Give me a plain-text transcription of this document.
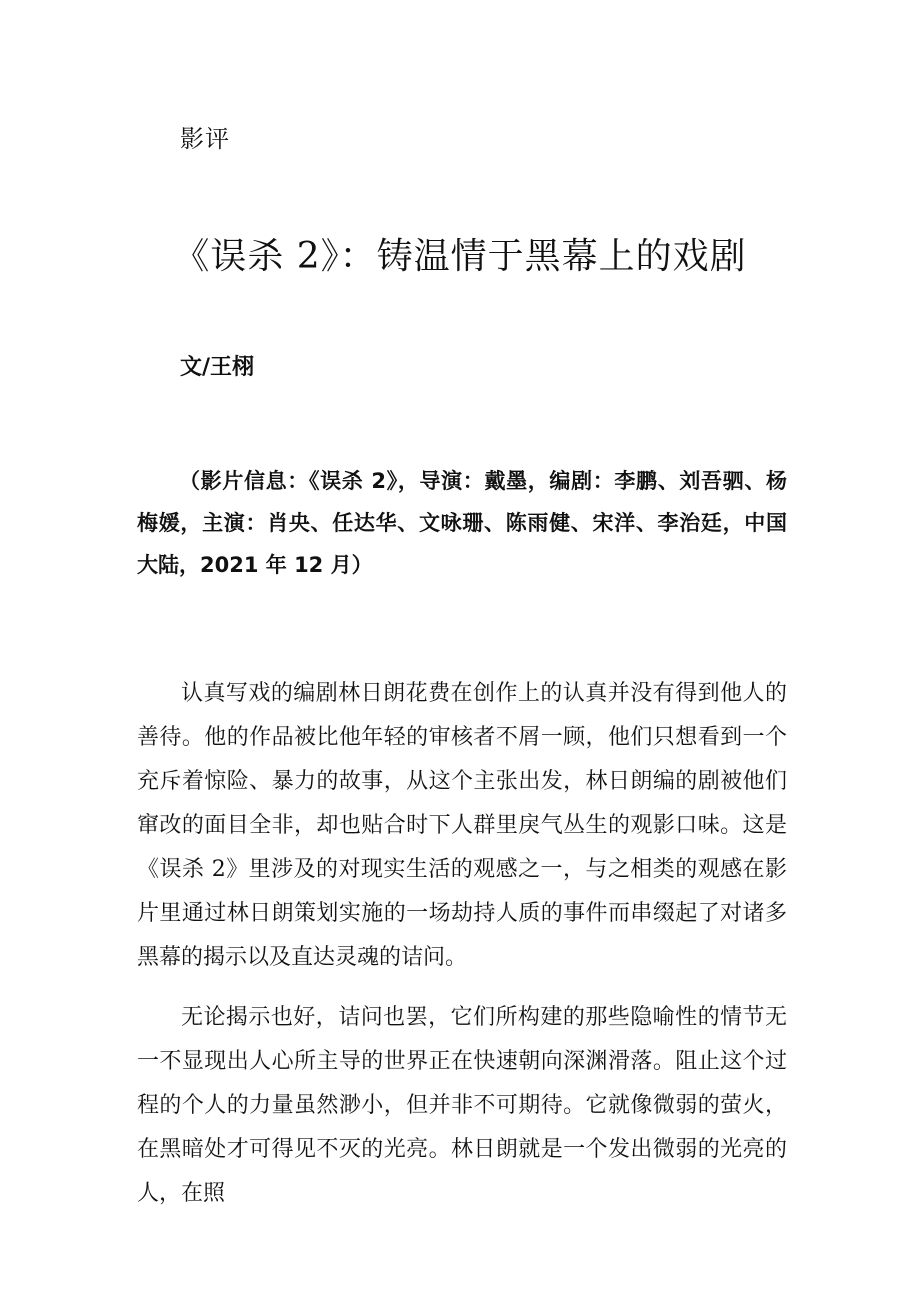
影评
《误杀 2》：铸温情于黑幕上的戏剧
文/王栩
（影片信息：《误杀 2》，导演：戴墨，编剧：李鹏、刘吾驷、杨梅媛，主演：肖央、任达华、文咏珊、陈雨健、宋洋、李治廷，中国大陆，2021 年 12 月）

认真写戏的编剧林日朗花费在创作上的认真并没有得到他人的善待。他的作品被比他年轻的审核者不屑一顾，他们只想看到一个充斥着惊险、暴力的故事，从这个主张出发，林日朗编的剧被他们窜改的面目全非，却也贴合时下人群里戾气丛生的观影口味。这是《误杀 2》里涉及的对现实生活的观感之一，与之相类的观感在影片里通过林日朗策划实施的一场劫持人质的事件而串缀起了对诸多黑幕的揭示以及直达灵魂的诘问。

无论揭示也好，诘问也罢，它们所构建的那些隐喻性的情节无一不显现出人心所主导的世界正在快速朝向深渊滑落。阻止这个过程的个人的力量虽然渺小，但并非不可期待。它就像微弱的萤火，在黑暗处才可得见不灭的光亮。林日朗就是一个发出微弱的光亮的人，在照
